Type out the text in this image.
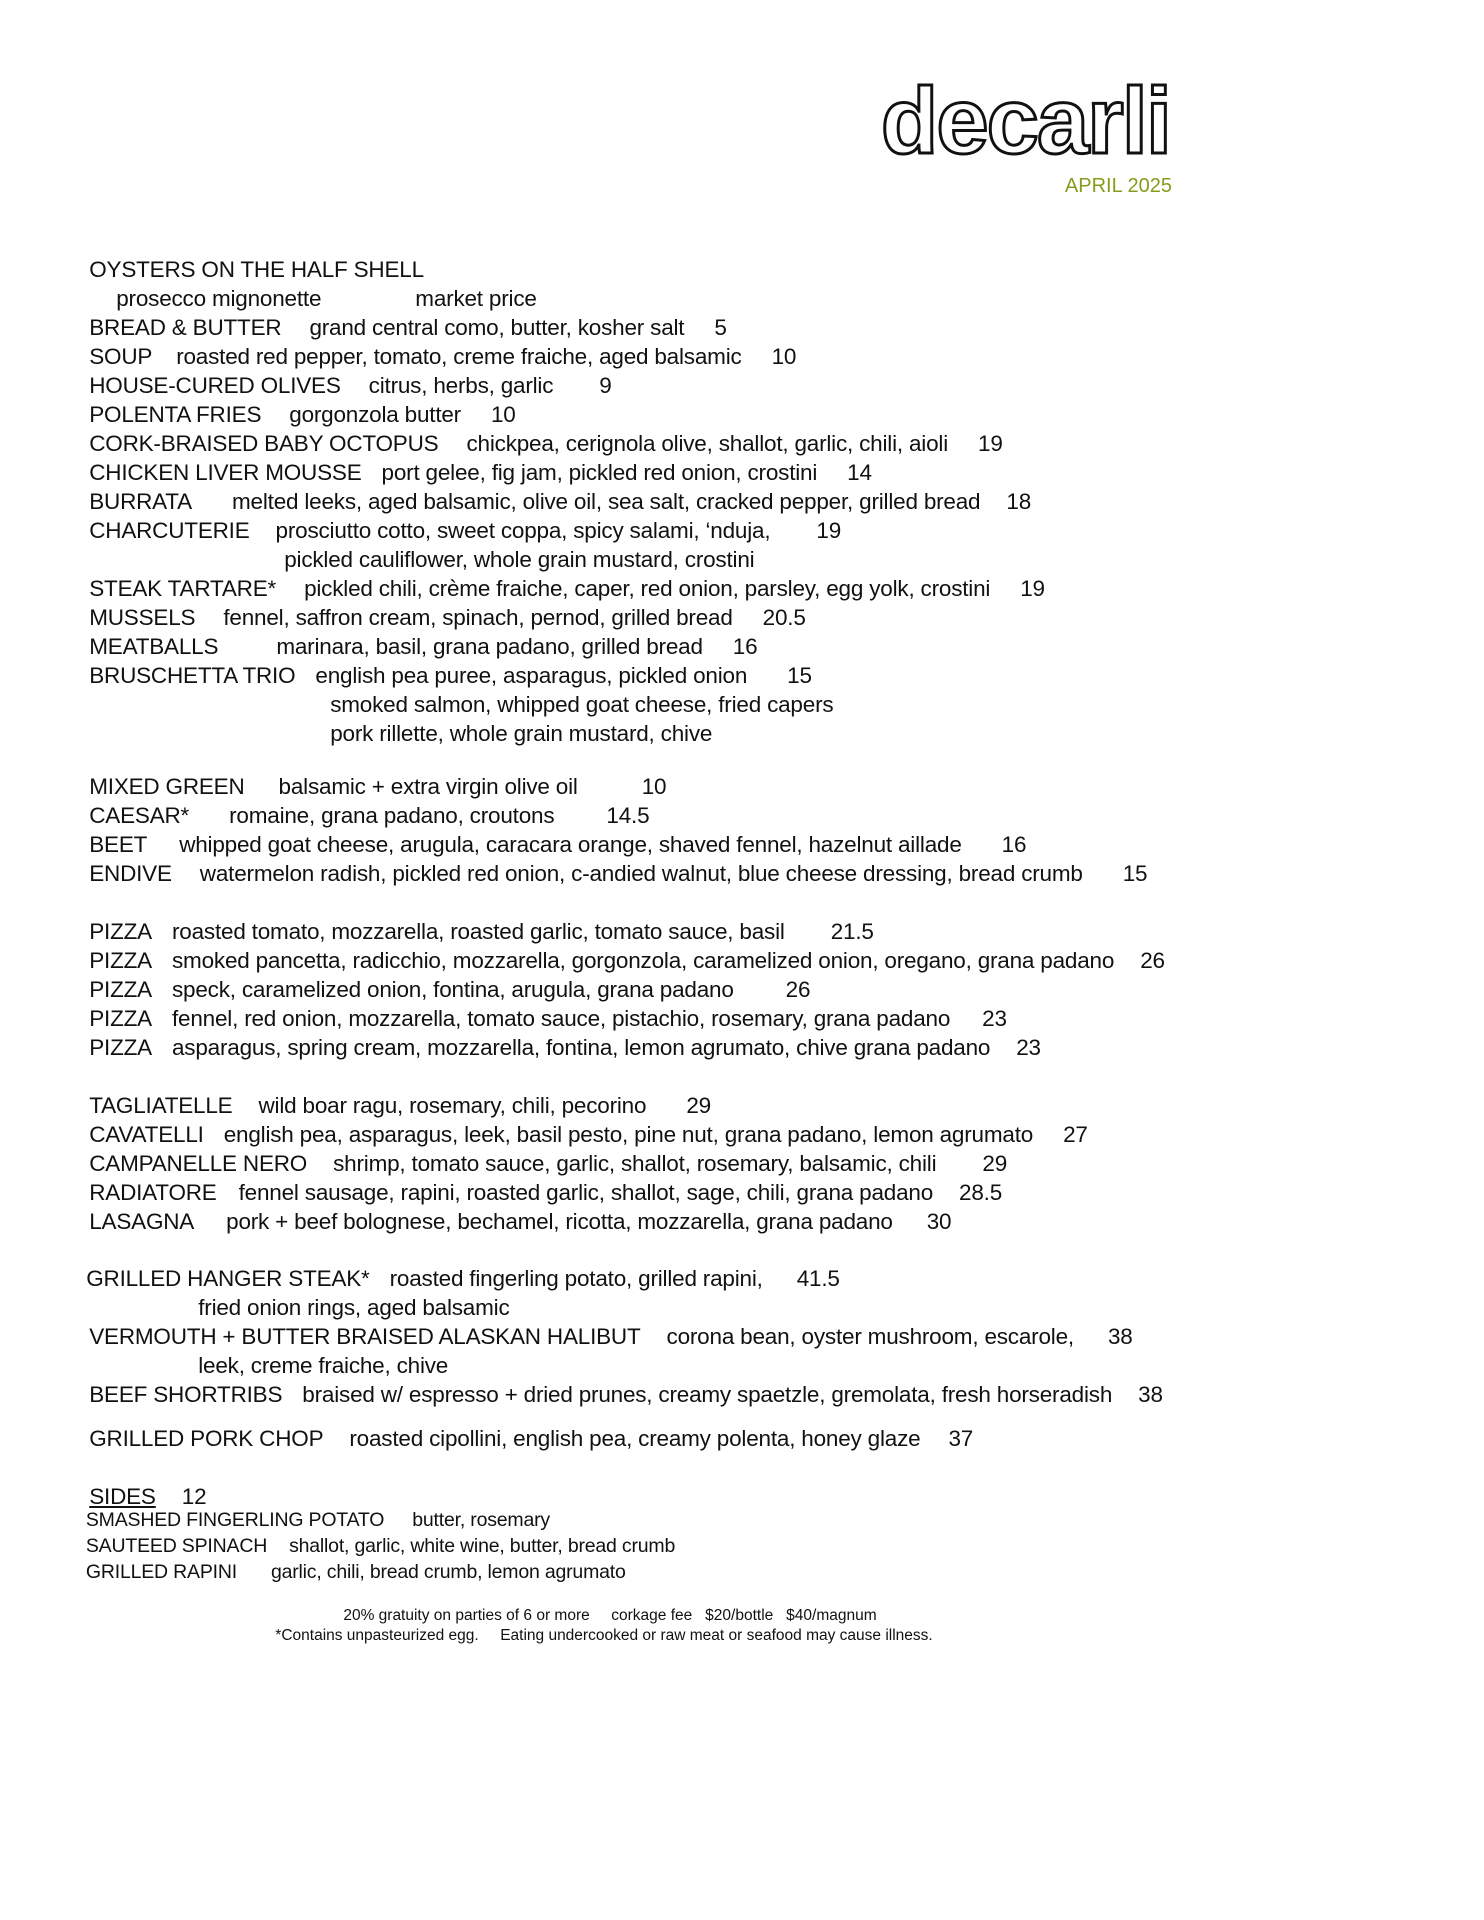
decarli
APRIL 2025

OYSTERS ON THE HALF SHELL

prosecco mignonette	market price

BREAD & BUTTER grand central como, butter, kosher salt 5

SOUP roasted red pepper, tomato, creme fraiche, aged balsamic 10

HOUSE-CURED OLIVES citrus, herbs, garlic 9

POLENTA FRIES gorgonzola butter 10

CORK-BRAISED BABY OCTOPUS chickpea, cerignola olive, shallot, garlic, chili, aioli 19

CHICKEN LIVER MOUSSE port gelee, fig jam, pickled red onion, crostini 14

BURRATA melted leeks, aged balsamic, olive oil, sea salt, cracked pepper, grilled bread 18

CHARCUTERIE prosciutto cotto, sweet coppa, spicy salami, ‘nduja, 19

pickled cauliflower, whole grain mustard, crostini

STEAK TARTARE* pickled chili, crème fraiche, caper, red onion, parsley, egg yolk, crostini 19

MUSSELS fennel, saffron cream, spinach, pernod, grilled bread 20.5

MEATBALLS	marinara, basil, grana padano, grilled bread 16

BRUSCHETTA TRIO english pea puree, asparagus, pickled onion 15

smoked salmon, whipped goat cheese, fried capers

pork rillette, whole grain mustard, chive

MIXED GREEN balsamic + extra virgin olive oil	10

CAESAR* romaine, grana padano, croutons 14.5

BEET whipped goat cheese, arugula, caracara orange, shaved fennel, hazelnut aillade 16

ENDIVE watermelon radish, pickled red onion, c-andied walnut, blue cheese dressing, bread crumb 15

PIZZA roasted tomato, mozzarella, roasted garlic, tomato sauce, basil 21.5

PIZZA smoked pancetta, radicchio, mozzarella, gorgonzola, caramelized onion, oregano, grana padano 26

PIZZA speck, caramelized onion, fontina, arugula, grana padano 26

PIZZA fennel, red onion, mozzarella, tomato sauce, pistachio, rosemary, grana padano 23

PIZZA asparagus, spring cream, mozzarella, fontina, lemon agrumato, chive grana padano 23

TAGLIATELLE wild boar ragu, rosemary, chili, pecorino 29

CAVATELLI english pea, asparagus, leek, basil pesto, pine nut, grana padano, lemon agrumato 27

CAMPANELLE NERO shrimp, tomato sauce, garlic, shallot, rosemary, balsamic, chili 29

RADIATORE fennel sausage, rapini, roasted garlic, shallot, sage, chili, grana padano 28.5

LASAGNA pork + beef bolognese, bechamel, ricotta, mozzarella, grana padano 30

GRILLED HANGER STEAK* roasted fingerling potato, grilled rapini, 41.5

fried onion rings, aged balsamic

VERMOUTH + BUTTER BRAISED ALASKAN HALIBUT corona bean, oyster mushroom, escarole, 38

leek, creme fraiche, chive

BEEF SHORTRIBS braised w/ espresso + dried prunes, creamy spaetzle, gremolata, fresh horseradish 38

GRILLED PORK CHOP roasted cipollini, english pea, creamy polenta, honey glaze 37

SIDES 12

SMASHED FINGERLING POTATO butter, rosemary

SAUTEED SPINACH shallot, garlic, white wine, butter, bread crumb

GRILLED RAPINI garlic, chili, bread crumb, lemon agrumato

20% gratuity on parties of 6 or more     corkage fee   $20/bottle   $40/magnum
*Contains unpasteurized egg.     Eating undercooked or raw meat or seafood may cause illness.
